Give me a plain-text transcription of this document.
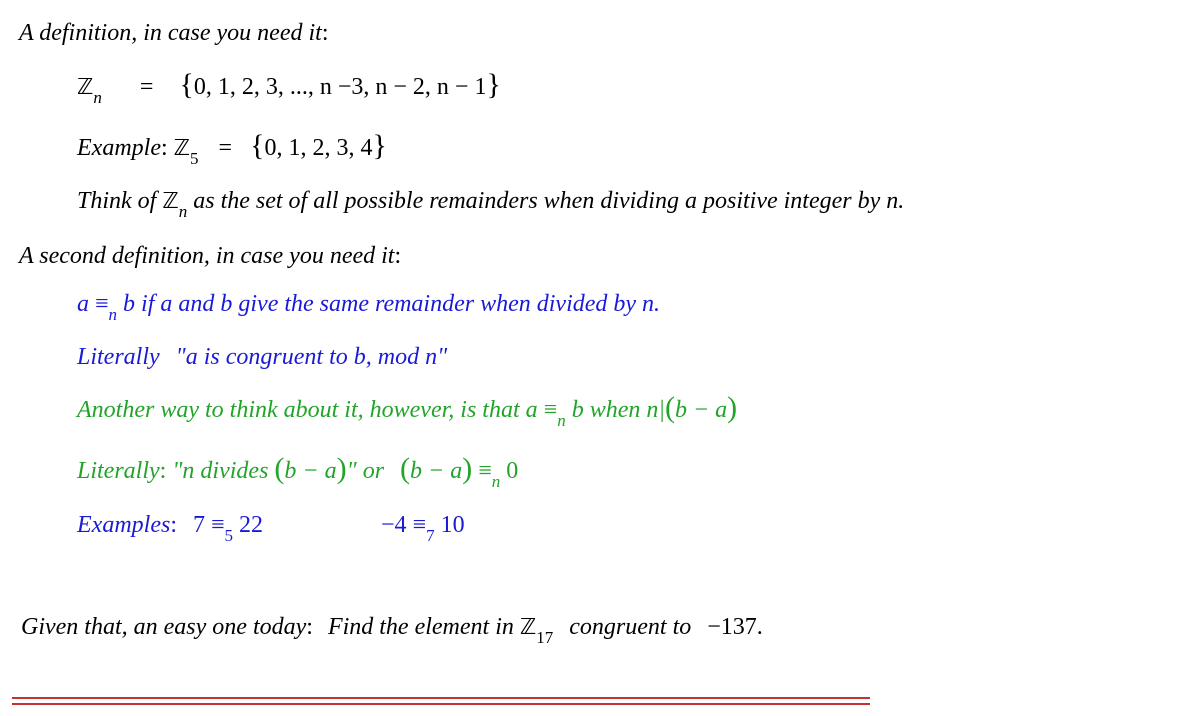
A definition, in case you need it:
ℤ$_n$ = {0, 1, 2, 3, ..., n −3, n − 2, n − 1}
Example: ℤ$_5$ = {0, 1, 2, 3, 4}
Think of ℤ$_n$ as the set of all possible remainders when dividing a positive integer by n.
A second definition, in case you need it:
$a \equiv_n$ b if a and b give the same remainder when divided by n.
Literally "a is congruent to b, mod n"
Another way to think about it, however, is that $a \equiv_n$ b when n|(b − a)
Literally: "n divides (b − a)" or $(b - a) \equiv_n$ 0
Examples: $7 \equiv_5$ 22	$-4 \equiv_7$ 10
Given that, an easy one today: Find the element in ℤ$_{17}$ congruent to −137.
